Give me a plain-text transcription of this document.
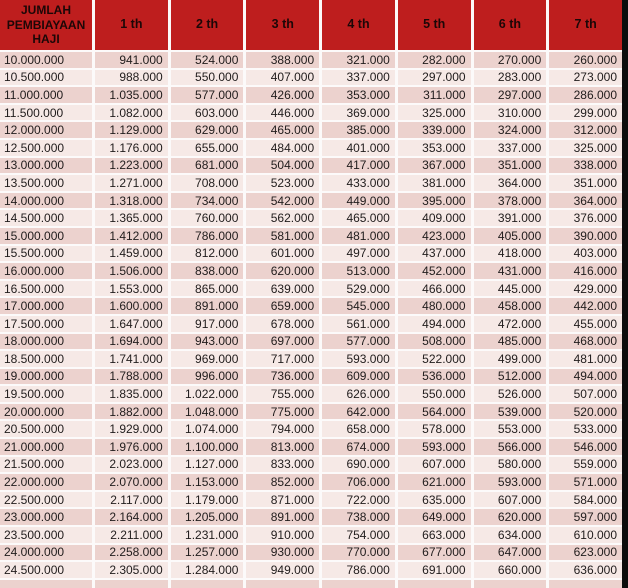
JUMLAH PEMBIAYAAN HAJI
1 th	2 th	3 th	4 th	5 th	6 th	7 th
10.000.000	941.000	524.000	388.000	321.000	282.000	270.000	260.000
10.500.000	988.000	550.000	407.000	337.000	297.000	283.000	273.000
11.000.000	1.035.000	577.000	426.000	353.000	311.000	297.000	286.000
11.500.000	1.082.000	603.000	446.000	369.000	325.000	310.000	299.000
12.000.000	1.129.000	629.000	465.000	385.000	339.000	324.000	312.000
12.500.000	1.176.000	655.000	484.000	401.000	353.000	337.000	325.000
13.000.000	1.223.000	681.000	504.000	417.000	367.000	351.000	338.000
13.500.000	1.271.000	708.000	523.000	433.000	381.000	364.000	351.000
14.000.000	1.318.000	734.000	542.000	449.000	395.000	378.000	364.000
14.500.000	1.365.000	760.000	562.000	465.000	409.000	391.000	376.000
15.000.000	1.412.000	786.000	581.000	481.000	423.000	405.000	390.000
15.500.000	1.459.000	812.000	601.000	497.000	437.000	418.000	403.000
16.000.000	1.506.000	838.000	620.000	513.000	452.000	431.000	416.000
16.500.000	1.553.000	865.000	639.000	529.000	466.000	445.000	429.000
17.000.000	1.600.000	891.000	659.000	545.000	480.000	458.000	442.000
17.500.000	1.647.000	917.000	678.000	561.000	494.000	472.000	455.000
18.000.000	1.694.000	943.000	697.000	577.000	508.000	485.000	468.000
18.500.000	1.741.000	969.000	717.000	593.000	522.000	499.000	481.000
19.000.000	1.788.000	996.000	736.000	609.000	536.000	512.000	494.000
19.500.000	1.835.000	1.022.000	755.000	626.000	550.000	526.000	507.000
20.000.000	1.882.000	1.048.000	775.000	642.000	564.000	539.000	520.000
20.500.000	1.929.000	1.074.000	794.000	658.000	578.000	553.000	533.000
21.000.000	1.976.000	1.100.000	813.000	674.000	593.000	566.000	546.000
21.500.000	2.023.000	1.127.000	833.000	690.000	607.000	580.000	559.000
22.000.000	2.070.000	1.153.000	852.000	706.000	621.000	593.000	571.000
22.500.000	2.117.000	1.179.000	871.000	722.000	635.000	607.000	584.000
23.000.000	2.164.000	1.205.000	891.000	738.000	649.000	620.000	597.000
23.500.000	2.211.000	1.231.000	910.000	754.000	663.000	634.000	610.000
24.000.000	2.258.000	1.257.000	930.000	770.000	677.000	647.000	623.000
24.500.000	2.305.000	1.284.000	949.000	786.000	691.000	660.000	636.000
